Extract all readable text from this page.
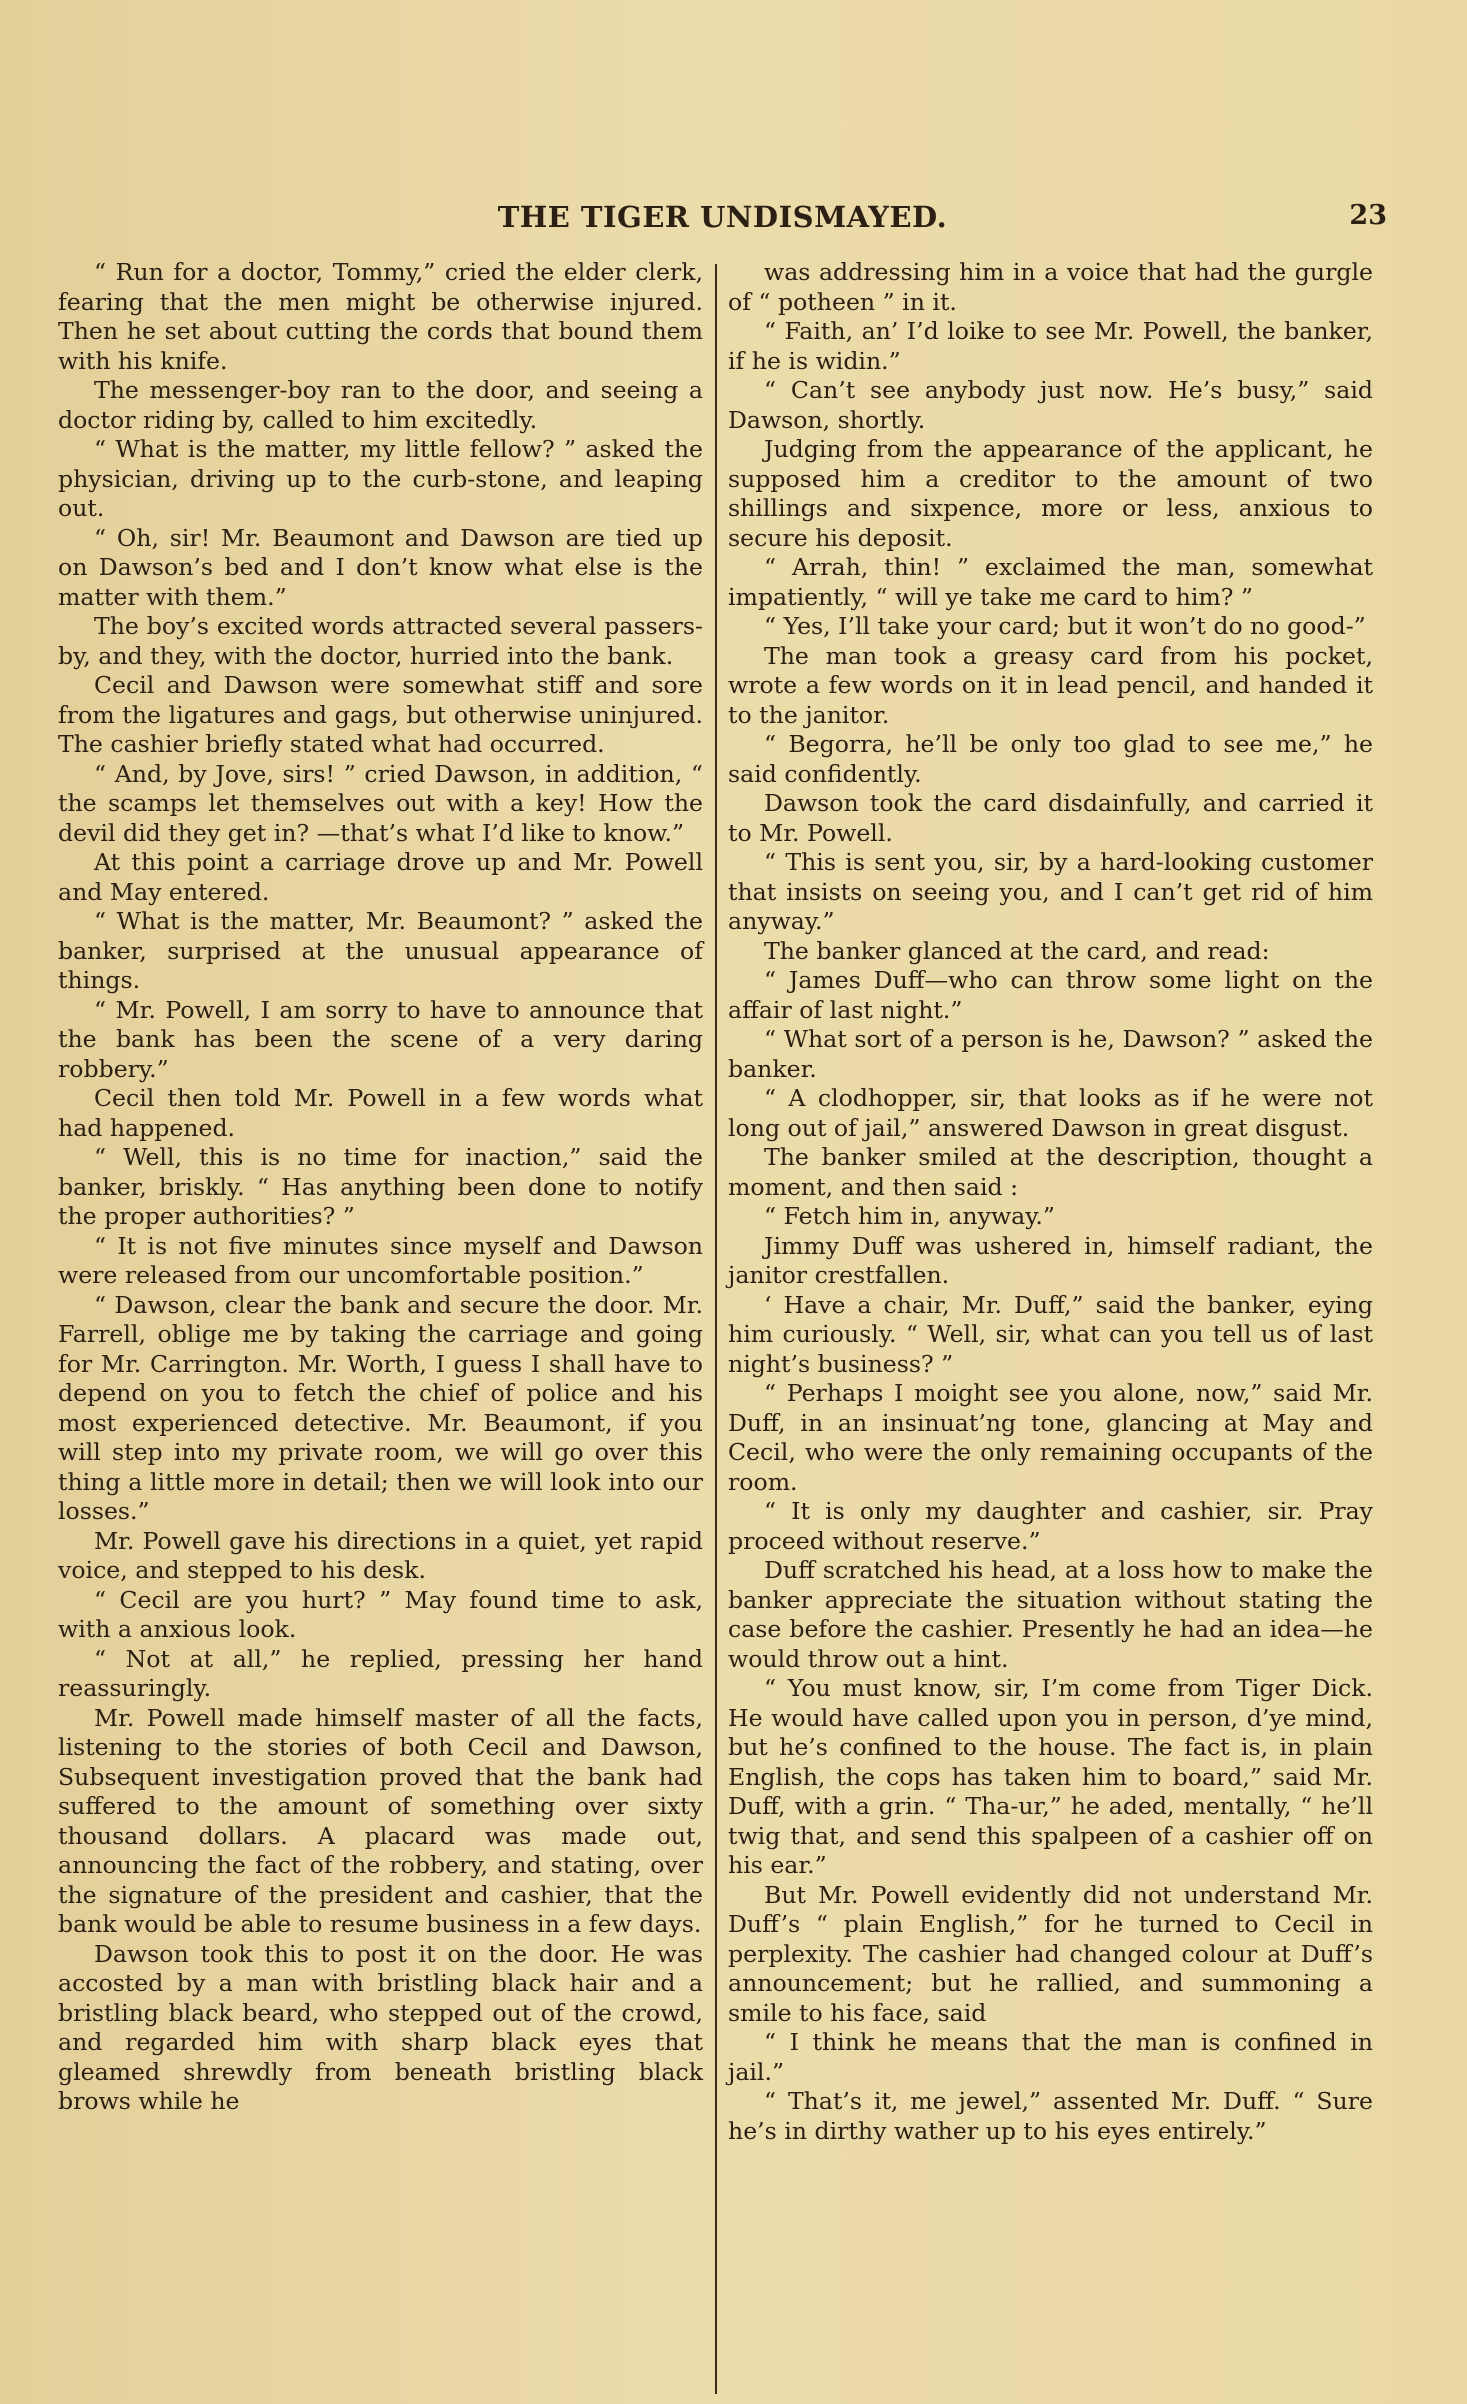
THE TIGER UNDISMAYED.	23

“ Run for a doctor, Tommy,” cried the elder clerk, fearing that the men might be otherwise injured. Then he set about cutting the cords that bound them with his knife.

The messenger-boy ran to the door, and seeing a doctor riding by, called to him excitedly.

“ What is the matter, my little fellow? ” asked the physician, driving up to the curb-stone, and leaping out.

“ Oh, sir! Mr. Beaumont and Dawson are tied up on Dawson’s bed and I don’t know what else is the matter with them.”

The boy’s excited words attracted several passers-by, and they, with the doctor, hurried into the bank.

Cecil and Dawson were somewhat stiff and sore from the ligatures and gags, but otherwise uninjured. The cashier briefly stated what had occurred.

“ And, by Jove, sirs! ” cried Dawson, in addition, “ the scamps let themselves out with a key! How the devil did they get in? —that’s what I’d like to know.”

At this point a carriage drove up and Mr. Powell and May entered.

“ What is the matter, Mr. Beaumont? ” asked the banker, surprised at the unusual appearance of things.

“ Mr. Powell, I am sorry to have to announce that the bank has been the scene of a very daring robbery.”

Cecil then told Mr. Powell in a few words what had happened.

“ Well, this is no time for inaction,” said the banker, briskly. “ Has anything been done to notify the proper authorities? ”

“ It is not five minutes since myself and Dawson were released from our uncomfortable position.”

“ Dawson, clear the bank and secure the door. Mr. Farrell, oblige me by taking the carriage and going for Mr. Carrington. Mr. Worth, I guess I shall have to depend on you to fetch the chief of police and his most experienced detective. Mr. Beaumont, if you will step into my private room, we will go over this thing a little more in detail; then we will look into our losses.”

Mr. Powell gave his directions in a quiet, yet rapid voice, and stepped to his desk.

“ Cecil are you hurt? ” May found time to ask, with a anxious look.

“ Not at all,” he replied, pressing her hand reassuringly.

Mr. Powell made himself master of all the facts, listening to the stories of both Cecil and Dawson, Subsequent investigation proved that the bank had suffered to the amount of something over sixty thousand dollars. A placard was made out, announcing the fact of the robbery, and stating, over the signature of the president and cashier, that the bank would be able to resume business in a few days.

Dawson took this to post it on the door. He was accosted by a man with bristling black hair and a bristling black beard, who stepped out of the crowd, and regarded him with sharp black eyes that gleamed shrewdly from beneath bristling black brows while he

was addressing him in a voice that had the gurgle of “ potheen ” in it.

“ Faith, an’ I’d loike to see Mr. Powell, the banker, if he is widin.”

“ Can’t see anybody just now. He’s busy,” said Dawson, shortly.

Judging from the appearance of the applicant, he supposed him a creditor to the amount of two shillings and sixpence, more or less, anxious to secure his deposit.

“ Arrah, thin! ” exclaimed the man, somewhat impatiently, “ will ye take me card to him? ”

“ Yes, I’ll take your card; but it won’t do no good-”

The man took a greasy card from his pocket, wrote a few words on it in lead pencil, and handed it to the janitor.

“ Begorra, he’ll be only too glad to see me,” he said confidently.

Dawson took the card disdainfully, and carried it to Mr. Powell.

“ This is sent you, sir, by a hard-looking customer that insists on seeing you, and I can’t get rid of him anyway.”

The banker glanced at the card, and read:

“ James Duff—who can throw some light on the affair of last night.”

“ What sort of a person is he, Dawson? ” asked the banker.

“ A clodhopper, sir, that looks as if he were not long out of jail,” answered Dawson in great disgust.

The banker smiled at the description, thought a moment, and then said :

“ Fetch him in, anyway.”

Jimmy Duff was ushered in, himself radiant, the janitor crestfallen.

‘ Have a chair, Mr. Duff,” said the banker, eying him curiously. “ Well, sir, what can you tell us of last night’s business? ”

“ Perhaps I moight see you alone, now,” said Mr. Duff, in an insinuat’ng tone, glancing at May and Cecil, who were the only remaining occupants of the room.

“ It is only my daughter and cashier, sir. Pray proceed without reserve.”

Duff scratched his head, at a loss how to make the banker appreciate the situation without stating the case before the cashier. Presently he had an idea—he would throw out a hint.

“ You must know, sir, I’m come from Tiger Dick. He would have called upon you in person, d’ye mind, but he’s confined to the house. The fact is, in plain English, the cops has taken him to board,” said Mr. Duff, with a grin. “ Tha-ur,” he aded, mentally, “ he’ll twig that, and send this spalpeen of a cashier off on his ear.”

But Mr. Powell evidently did not understand Mr. Duff’s “ plain English,” for he turned to Cecil in perplexity. The cashier had changed colour at Duff’s announcement; but he rallied, and summoning a smile to his face, said

“ I think he means that the man is confined in jail.”

“ That’s it, me jewel,” assented Mr. Duff. “ Sure he’s in dirthy wather up to his eyes entirely.”
